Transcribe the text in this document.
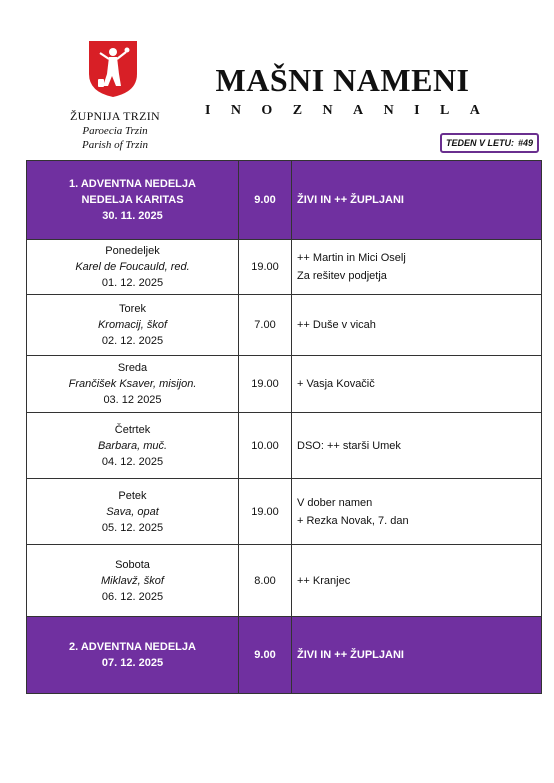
ŽUPNIJA TRZIN
Paroecia Trzin
Parish of Trzin
MAŠNI NAMENI
I N O Z N A N I L A
TEDEN V LETU: #49
1. ADVENTNA NEDELJA
NEDELJA KARITAS
30. 11. 2025	9.00	ŽIVI IN ++ ŽUPLJANI

Ponedeljek
Karel de Foucauld, red.
01. 12. 2025	19.00	++ Martin in Mici Oselj
Za rešitev podjetja

Torek
Kromacij, škof
02. 12. 2025	7.00	++ Duše v vicah

Sreda
Frančišek Ksaver, misijon.
03. 12 2025	19.00	+ Vasja Kovačič

Četrtek
Barbara, muč.
04. 12. 2025	10.00	DSO: ++ starši Umek

Petek
Sava, opat
05. 12. 2025	19.00	V dober namen
+ Rezka Novak, 7. dan

Sobota
Miklavž, škof
06. 12. 2025	8.00	++ Kranjec

2. ADVENTNA NEDELJA
07. 12. 2025	9.00	ŽIVI IN ++ ŽUPLJANI
